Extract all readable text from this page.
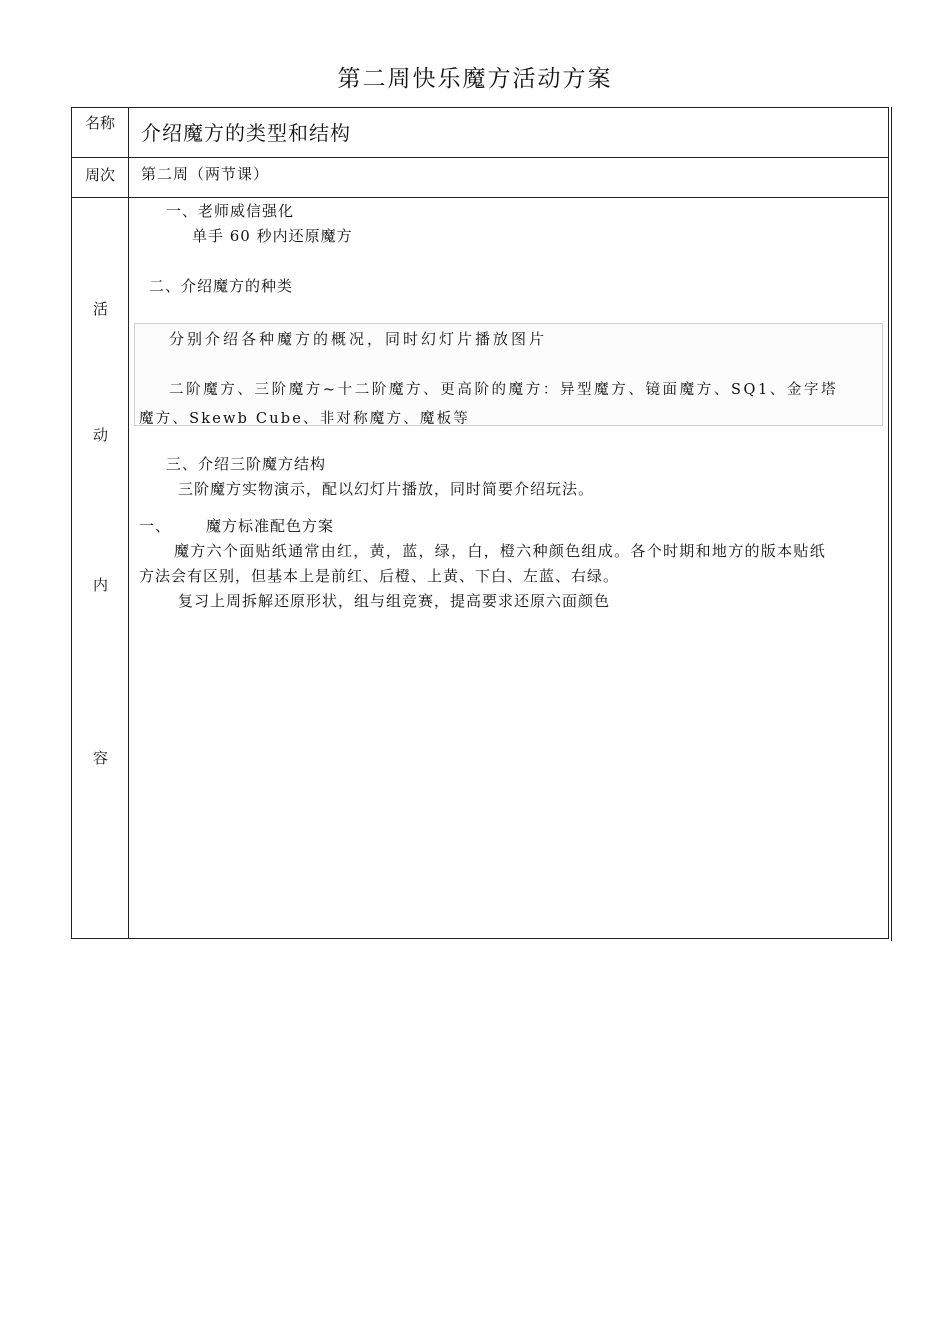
第二周快乐魔方活动方案
名称	介绍魔方的类型和结构
周次	第二周（两节课）
活
动
内
容
一、老师威信强化
单手 60 秒内还原魔方
二、介绍魔方的种类
分别介绍各种魔方的概况，同时幻灯片播放图片
二阶魔方、三阶魔方~十二阶魔方、更高阶的魔方：异型魔方、镜面魔方、SQ1、金字塔
魔方、Skewb Cube、非对称魔方、魔板等
三、介绍三阶魔方结构
三阶魔方实物演示，配以幻灯片播放，同时简要介绍玩法。
一、 魔方标准配色方案
魔方六个面贴纸通常由红，黄，蓝，绿，白，橙六种颜色组成。各个时期和地方的版本贴纸
方法会有区别，但基本上是前红、后橙、上黄、下白、左蓝、右绿。
复习上周拆解还原形状，组与组竞赛，提高要求还原六面颜色
